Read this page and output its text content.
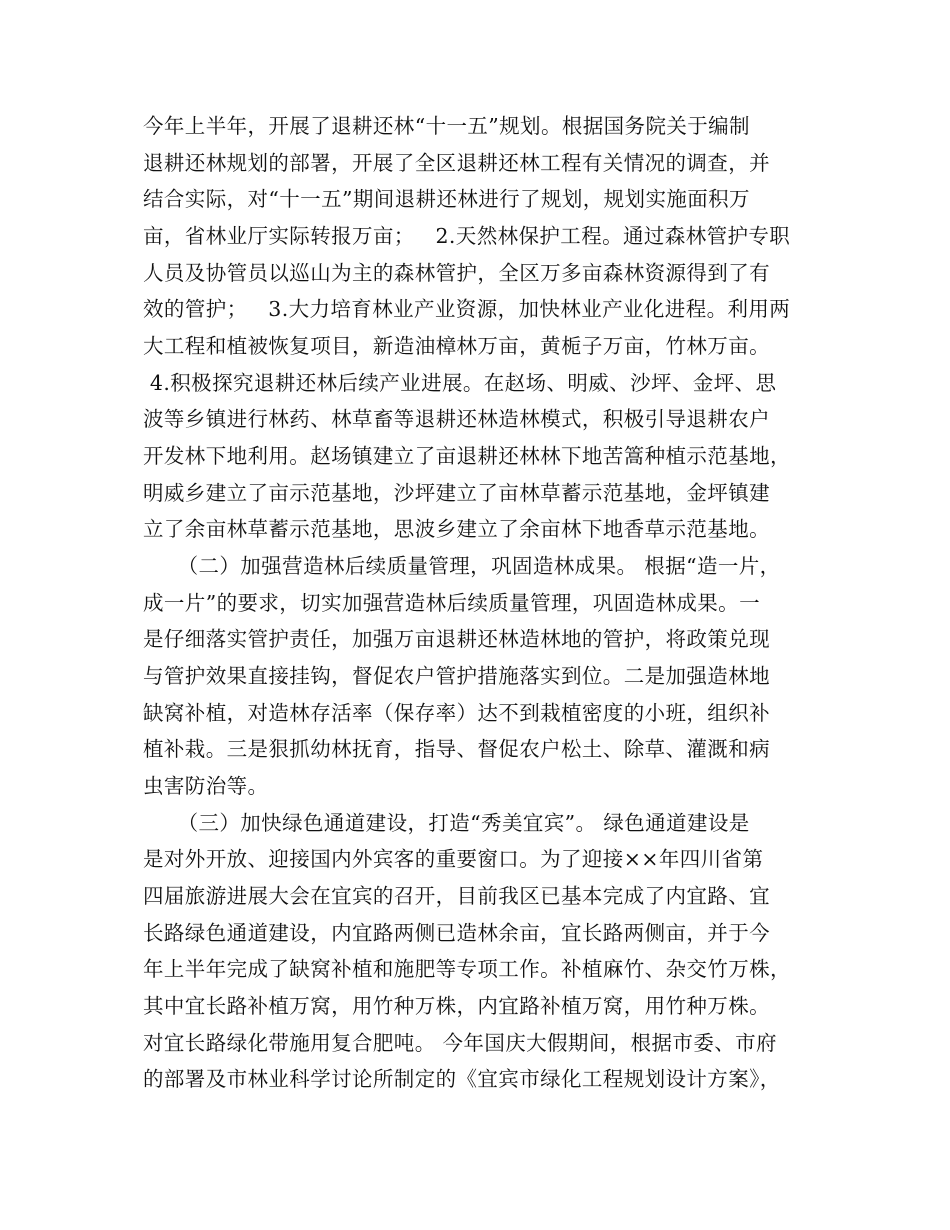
今年上半年，开展了退耕还林“十一五”规划。根据国务院关于编制
退耕还林规划的部署，开展了全区退耕还林工程有关情况的调查，并
结合实际，对“十一五”期间退耕还林进行了规划，规划实施面积万
亩，省林业厅实际转报万亩；   2.天然林保护工程。通过森林管护专职
人员及协管员以巡山为主的森林管护，全区万多亩森林资源得到了有
效的管护；   3.大力培育林业产业资源，加快林业产业化进程。利用两
大工程和植被恢复项目，新造油樟林万亩，黄栀子万亩，竹林万亩。
4.积极探究退耕还林后续产业进展。在赵场、明威、沙坪、金坪、思
波等乡镇进行林药、林草畜等退耕还林造林模式，积极引导退耕农户
开发林下地利用。赵场镇建立了亩退耕还林林下地苦篙种植示范基地，
明威乡建立了亩示范基地，沙坪建立了亩林草蓄示范基地，金坪镇建
立了余亩林草蓄示范基地，思波乡建立了余亩林下地香草示范基地。
（二）加强营造林后续质量管理，巩固造林成果。 根据“造一片，
成一片”的要求，切实加强营造林后续质量管理，巩固造林成果。一
是仔细落实管护责任，加强万亩退耕还林造林地的管护，将政策兑现
与管护效果直接挂钩，督促农户管护措施落实到位。二是加强造林地
缺窝补植，对造林存活率（保存率）达不到栽植密度的小班，组织补
植补栽。三是狠抓幼林抚育，指导、督促农户松土、除草、灌溉和病
虫害防治等。
（三）加快绿色通道建设，打造“秀美宜宾”。 绿色通道建设是
是对外开放、迎接国内外宾客的重要窗口。为了迎接××年四川省第
四届旅游进展大会在宜宾的召开，目前我区已基本完成了内宜路、宜
长路绿色通道建设，内宜路两侧已造林余亩，宜长路两侧亩，并于今
年上半年完成了缺窝补植和施肥等专项工作。补植麻竹、杂交竹万株，
其中宜长路补植万窝，用竹种万株，内宜路补植万窝，用竹种万株。
对宜长路绿化带施用复合肥吨。 今年国庆大假期间，根据市委、市府
的部署及市林业科学讨论所制定的《宜宾市绿化工程规划设计方案》，
